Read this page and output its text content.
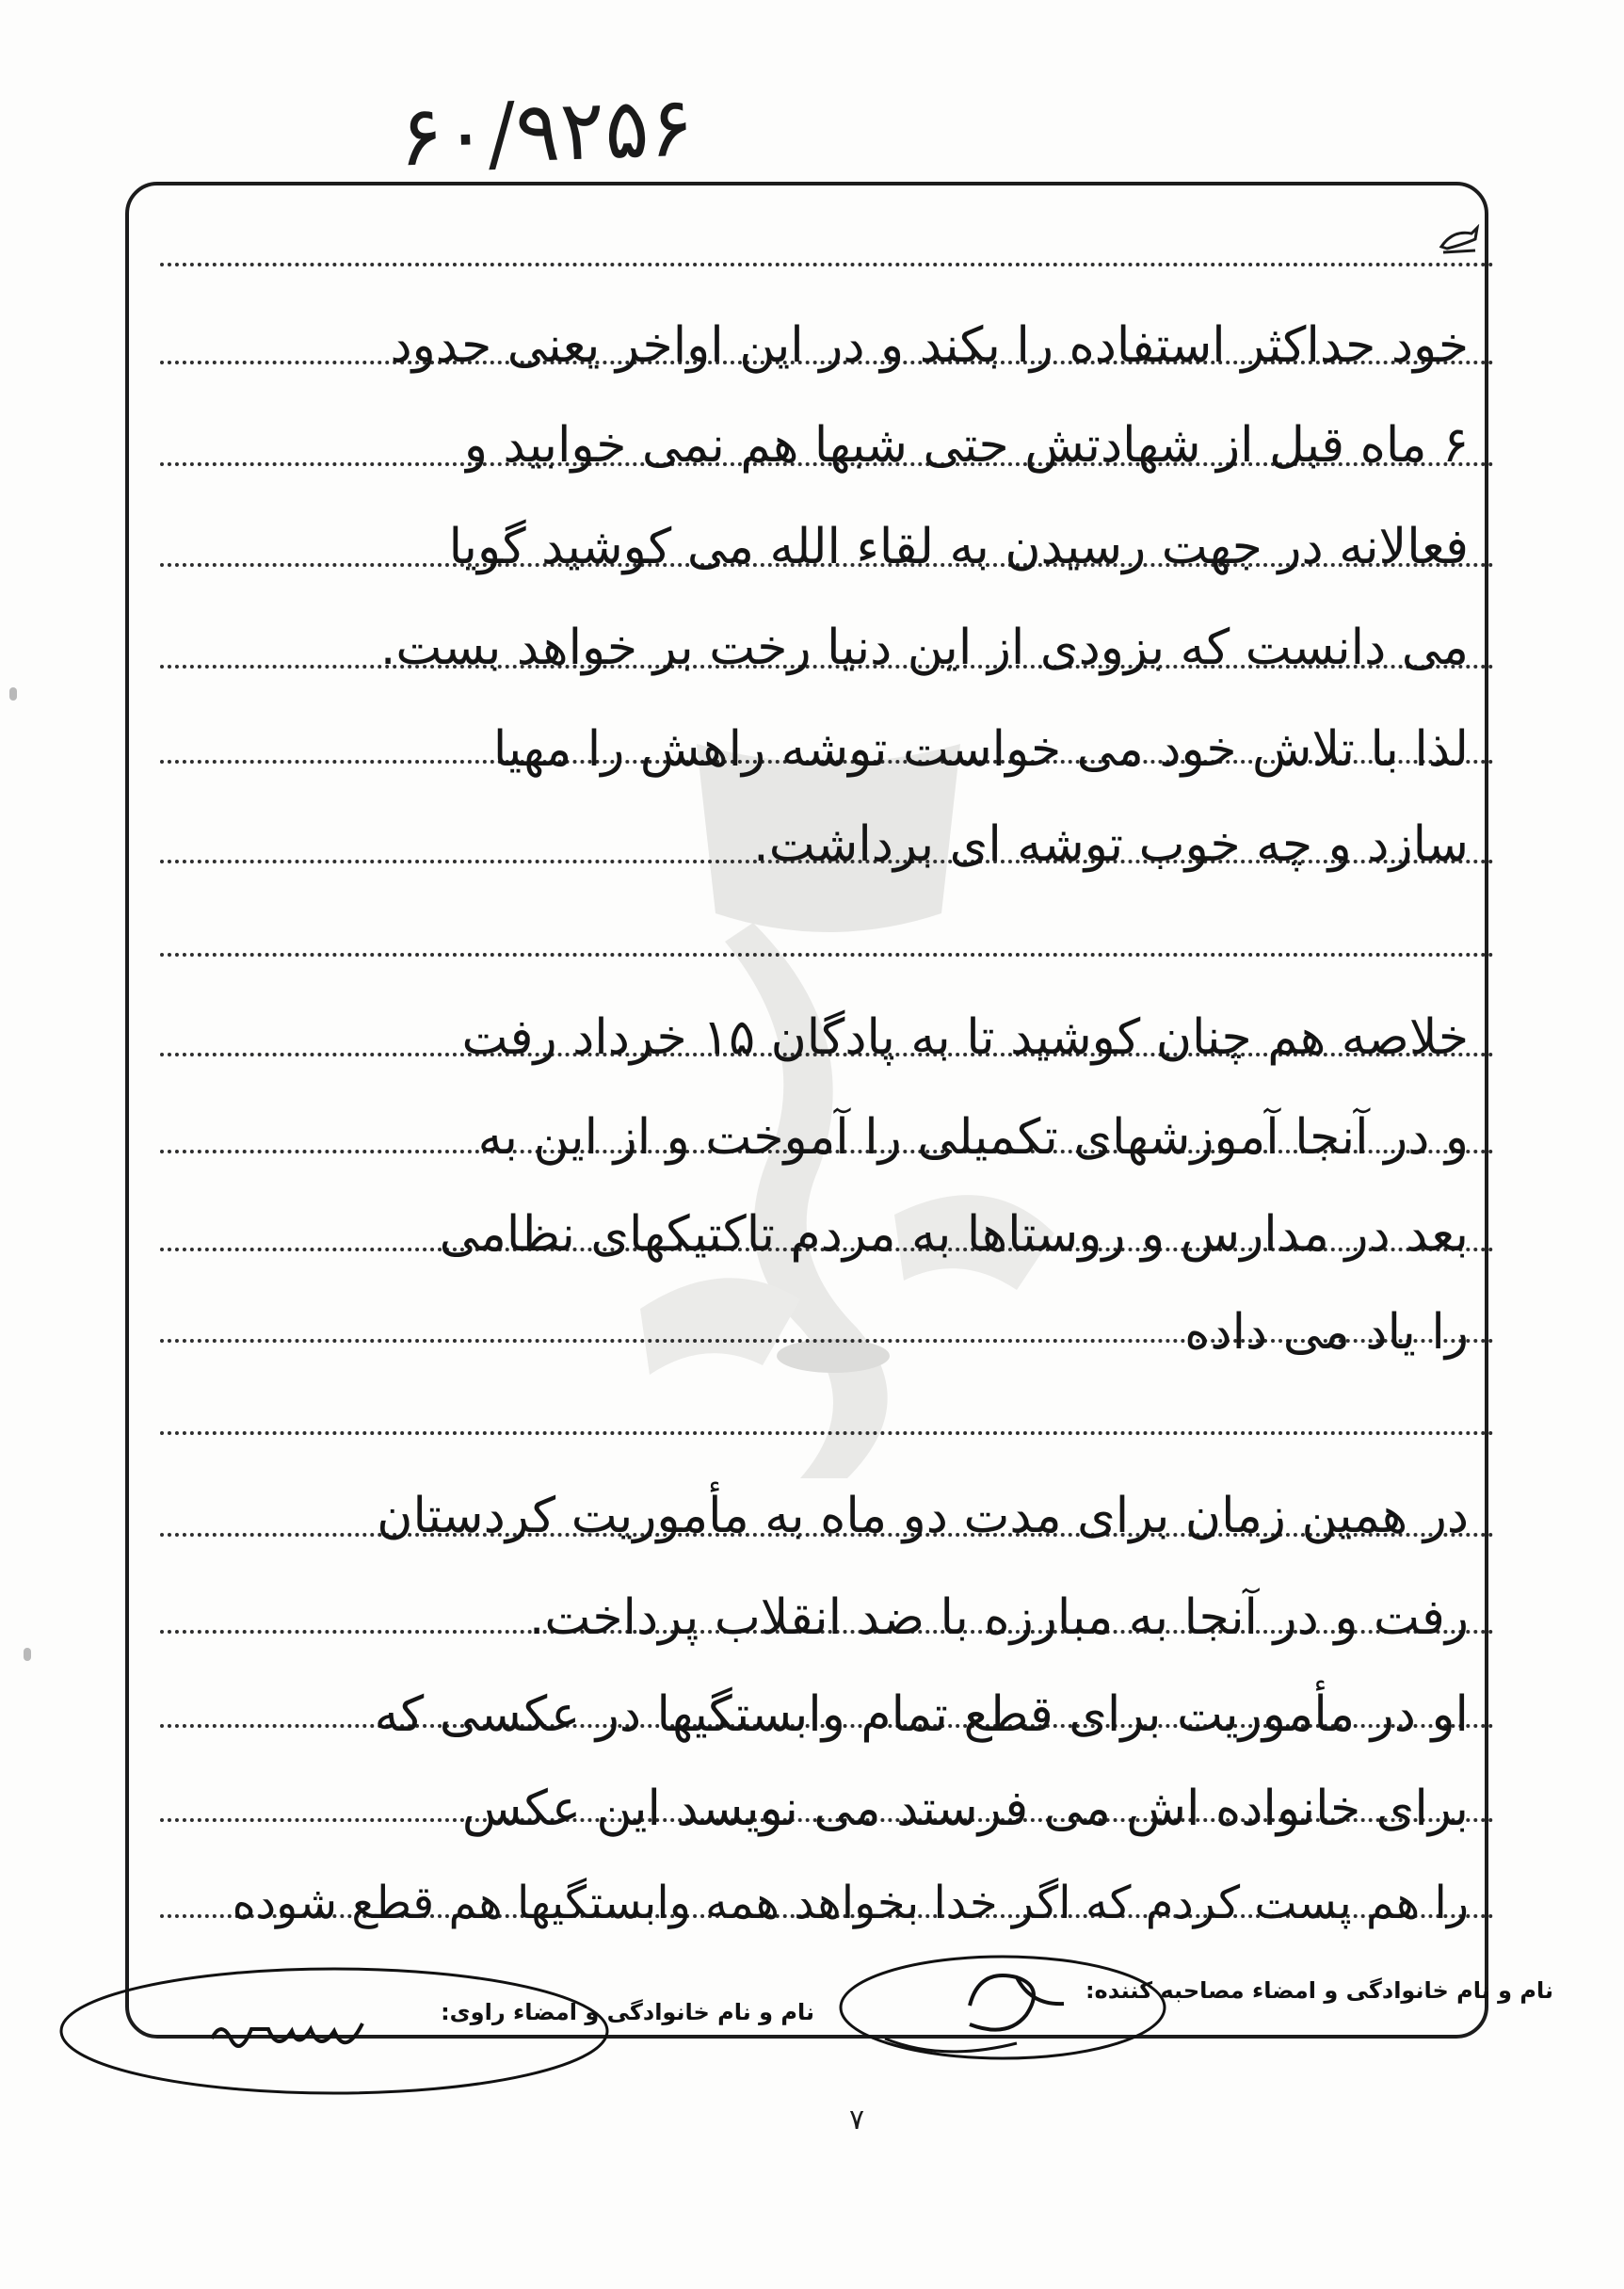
۶۰/۹۲۵۶

خود حداکثر استفاده را بکند و در این اواخر یعنی حدود

۶ ماه قبل از شهادتش حتی شبها هم نمی خوابید و

فعالانه در جهت رسیدن به لقاء الله می کوشید گویا

می دانست که بزودی از این دنیا رخت بر خواهد بست.

لذا با تلاش خود می خواست توشه راهش را مهیا

سازد و چه خوب توشه ای برداشت.

خلاصه هم چنان کوشید تا به پادگان ۱۵ خرداد رفت

و در آنجا آموزشهای تکمیلی را آموخت و از این به

بعد در مدارس و روستاها به مردم تاکتیکهای نظامی

را یاد می داده

در همین زمان برای مدت دو ماه به مأموریت کردستان

رفت و در آنجا به مبارزه با ضد انقلاب پرداخت.

او در مأموریت برای قطع تمام وابستگیها در عکسی که

برای خانواده اش می فرستد می نویسد این عکس

را هم پست کردم که اگر خدا بخواهد همه وابستگیها هم قطع شوده

نام و نام خانوادگی و امضاء مصاحبه کننده:

نام و نام خانوادگی و امضاء راوی:

۷
